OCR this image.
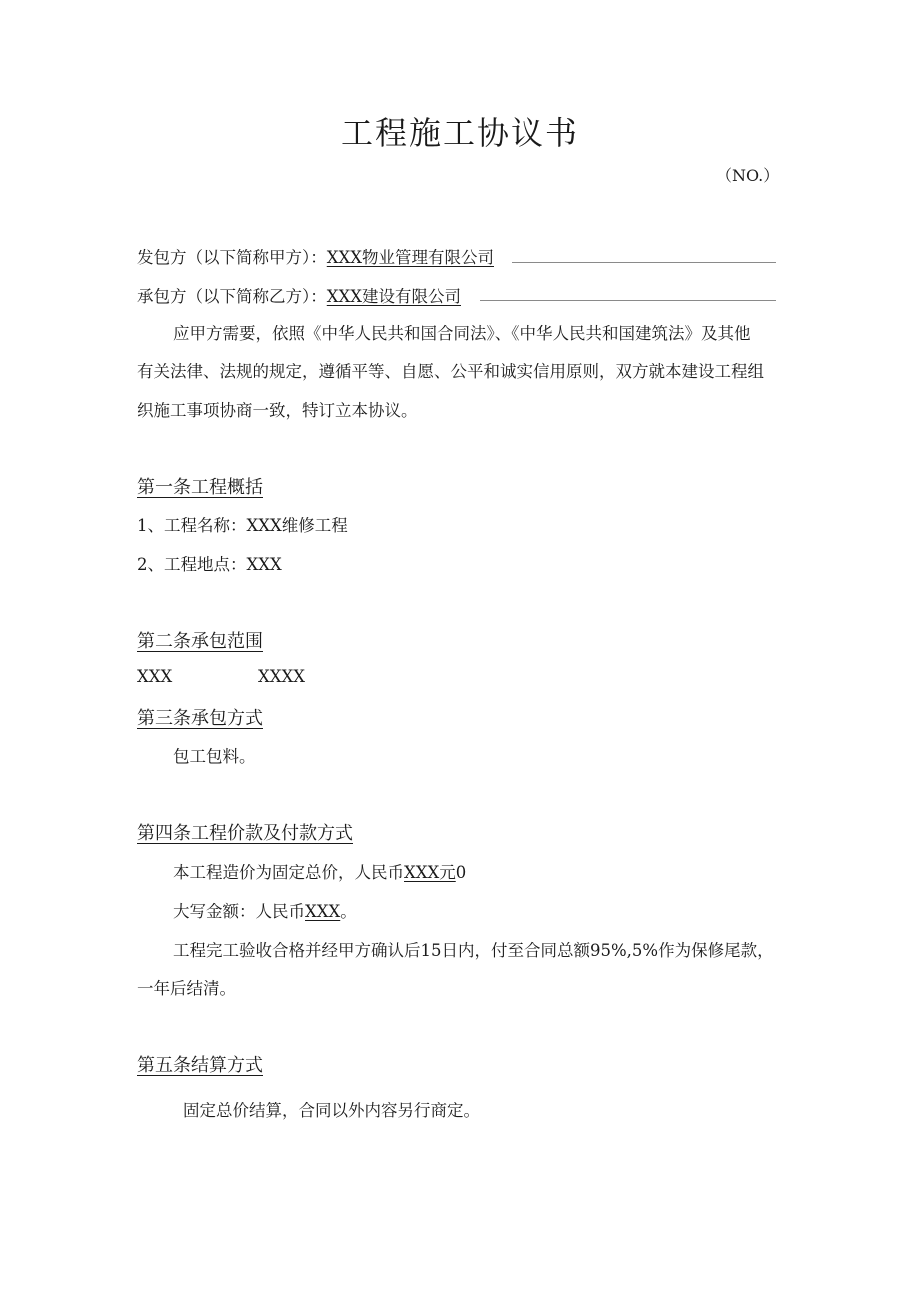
工程施工协议书
（NO.）
发包方（以下简称甲方）：XXX物业管理有限公司
承包方（以下简称乙方）：XXX建设有限公司
应甲方需要，依照《中华人民共和国合同法》、《中华人民共和国建筑法》及其他
有关法律、法规的规定，遵循平等、自愿、公平和诚实信用原则，双方就本建设工程组
织施工事项协商一致，特订立本协议。
第一条工程概括
1、工程名称：XXX维修工程
2、工程地点：XXX
第二条承包范围
XXX	XXXX
第三条承包方式
包工包料。
第四条工程价款及付款方式
本工程造价为固定总价，人民币XXX元0
大写金额：人民币XXX。
工程完工验收合格并经甲方确认后15日内，付至合同总额95%,5%作为保修尾款，
一年后结清。
第五条结算方式
固定总价结算，合同以外内容另行商定。
